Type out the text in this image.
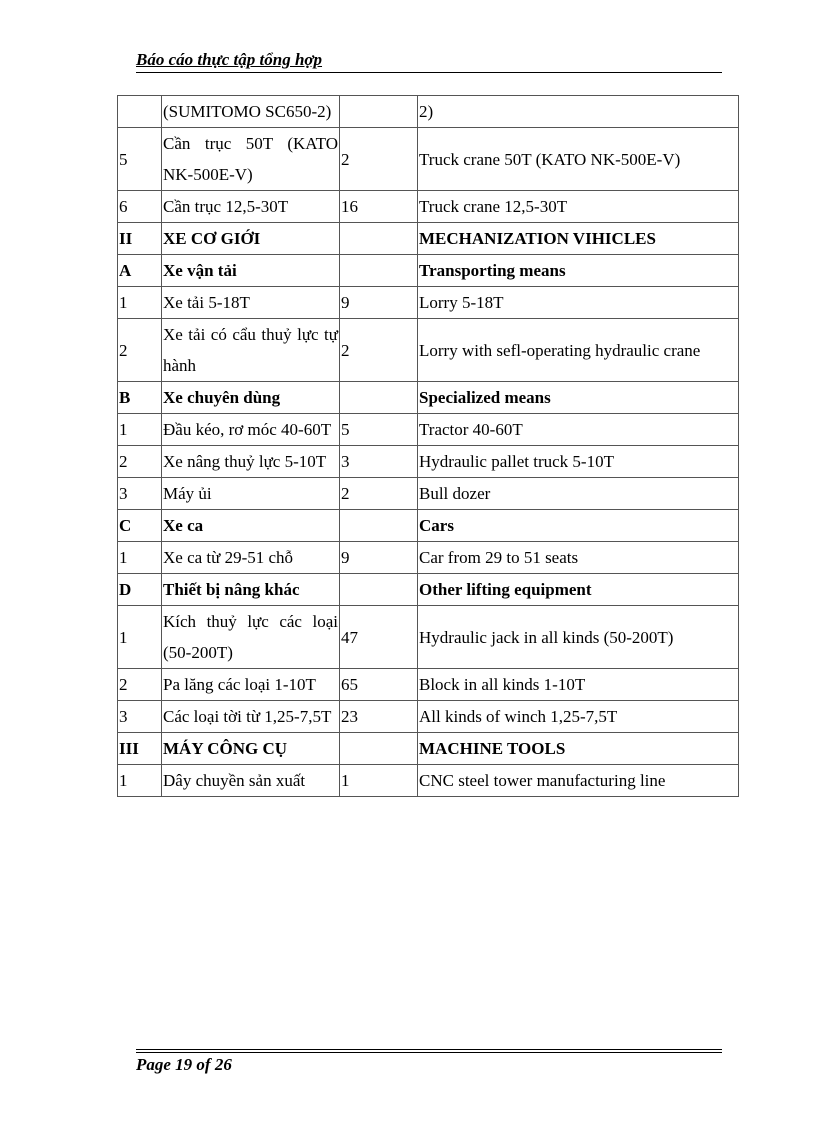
Báo cáo thực tập tổng hợp
	(SUMITOMO SC650-2)		2)
5	Cần trục 50T (KATO NK-500E-V)	2	Truck crane 50T (KATO NK-500E-V)
6	Cần trục 12,5-30T	16	Truck crane 12,5-30T
II	XE CƠ GIỚI		MECHANIZATION VIHICLES
A	Xe vận tải		Transporting means
1	Xe tải 5-18T	9	Lorry 5-18T
2	Xe tải có cẩu thuỷ lực tự hành	2	Lorry with sefl-operating hydraulic crane
B	Xe chuyên dùng		Specialized means
1	Đầu kéo, rơ móc 40-60T	5	Tractor 40-60T
2	Xe nâng thuỷ lực 5-10T	3	Hydraulic pallet truck 5-10T
3	Máy ủi	2	Bull dozer
C	Xe ca		Cars
1	Xe ca từ 29-51 chỗ	9	Car from 29 to 51 seats
D	Thiết bị nâng khác		Other lifting equipment
1	Kích thuỷ lực các loại (50-200T)	47	Hydraulic jack in all kinds (50-200T)
2	Pa lăng các loại 1-10T	65	Block in all kinds 1-10T
3	Các loại tời từ 1,25-7,5T	23	All kinds of winch 1,25-7,5T
III	MÁY CÔNG CỤ		MACHINE TOOLS
1	Dây chuyền sản xuất	1	CNC steel tower manufacturing line
Page 19 of 26
